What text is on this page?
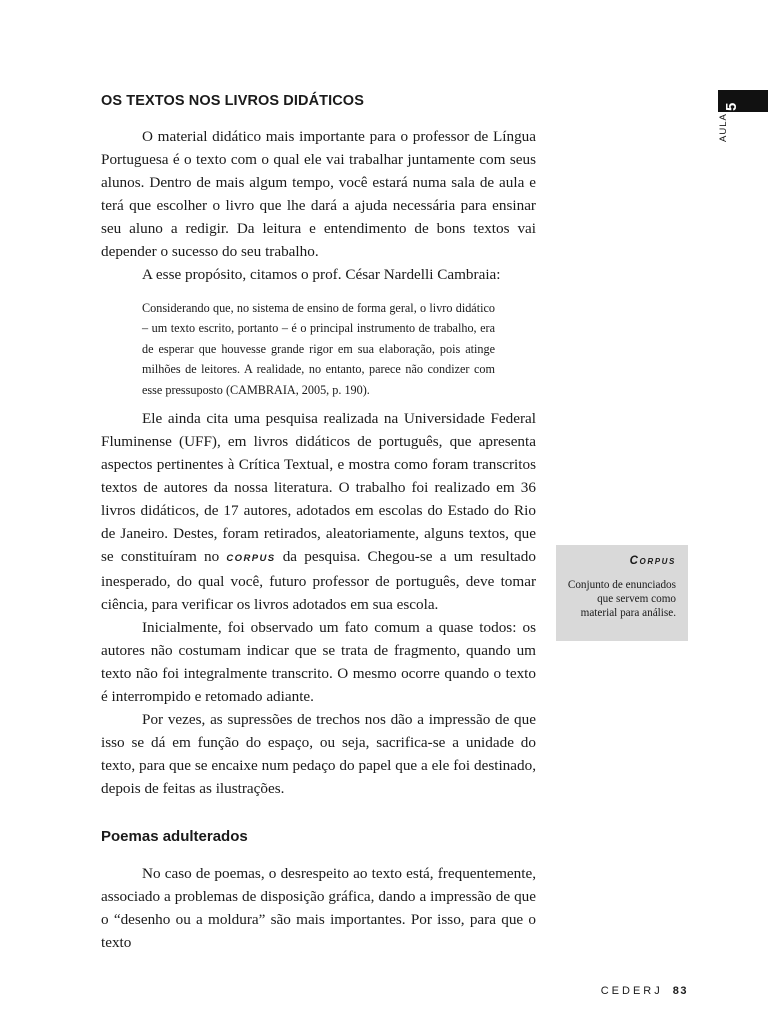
OS TEXTOS NOS LIVROS DIDÁTICOS	5
AULA

O material didático mais importante para o professor de Língua Portuguesa é o texto com o qual ele vai trabalhar juntamente com seus alunos. Dentro de mais algum tempo, você estará numa sala de aula e terá que escolher o livro que lhe dará a ajuda necessária para ensinar seu aluno a redigir. Da leitura e entendimento de bons textos vai depender o sucesso do seu trabalho.

A esse propósito, citamos o prof. César Nardelli Cambraia:

Considerando que, no sistema de ensino de forma geral, o livro didático – um texto escrito, portanto – é o principal instrumento de trabalho, era de esperar que houvesse grande rigor em sua elaboração, pois atinge milhões de leitores. A realidade, no entanto, parece não condizer com esse pressuposto (CAMBRAIA, 2005, p. 190).

Ele ainda cita uma pesquisa realizada na Universidade Federal Fluminense (UFF), em livros didáticos de português, que apresenta aspectos pertinentes à Crítica Textual, e mostra como foram transcritos textos de autores da nossa literatura. O trabalho foi realizado em 36 livros didáticos, de 17 autores, adotados em escolas do Estado do Rio de Janeiro. Destes, foram retirados, aleatoriamente, alguns textos, que se constituíram no CORPUS da pesquisa. Chegou-se a um resultado inesperado, do qual você, futuro professor de português, deve tomar ciência, para verificar os livros adotados em sua escola.

Inicialmente, foi observado um fato comum a quase todos: os autores não costumam indicar que se trata de fragmento, quando um texto não foi integralmente transcrito. O mesmo ocorre quando o texto é interrompido e retomado adiante.

Por vezes, as supressões de trechos nos dão a impressão de que isso se dá em função do espaço, ou seja, sacrifica-se a unidade do texto, para que se encaixe num pedaço do papel que a ele foi destinado, depois de feitas as ilustrações.

Poemas adulterados

No caso de poemas, o desrespeito ao texto está, frequentemente, associado a problemas de disposição gráfica, dando a impressão de que o “desenho ou a moldura” são mais importantes. Por isso, para que o texto

Corpus

Conjunto de enunciados que servem como material para análise.

CEDERJ 83
